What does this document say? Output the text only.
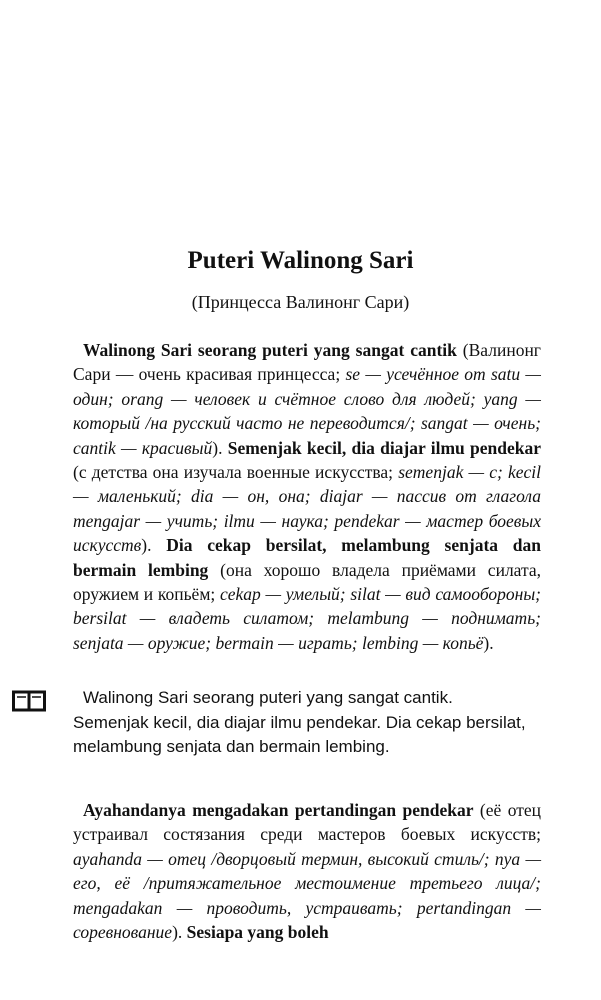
Puteri Walinong Sari
(Принцесса Валинонг Сари)

Walinong Sari seorang puteri yang sangat cantik (Валинонг Сари — очень красивая принцесса; se — усечённое от satu — один; orang — человек и счётное слово для людей; yang — который /на русский часто не переводится/; sangat — очень; cantik — красивый). Semenjak kecil, dia diajar ilmu pendekar (с детства она изучала военные искусства; semenjak — с; kecil — маленький; dia — он, она; diajar — пассив от глагола mengajar — учить; ilmu — наука; pendekar — мастер боевых искусств). Dia cekap bersilat, melambung senjata dan bermain lembing (она хорошо владела приёмами силата, оружием и копьём; cekap — умелый; silat — вид самообороны; bersilat — владеть силатом; melambung — поднимать; senjata — оружие; bermain — играть; lembing — копьё).

Walinong Sari seorang puteri yang sangat cantik.
Semenjak kecil, dia diajar ilmu pendekar. Dia cekap bersilat,
melambung senjata dan bermain lembing.

Ayahandanya mengadakan pertandingan pendekar (её отец устраивал состязания среди мастеров боевых искусств; ayahanda — отец /дворцовый термин, высокий стиль/; nya — его, её /притяжательное местоимение третьего лица/; mengadakan — проводить, устраивать; pertandingan — соревнование). Sesiapa yang boleh
